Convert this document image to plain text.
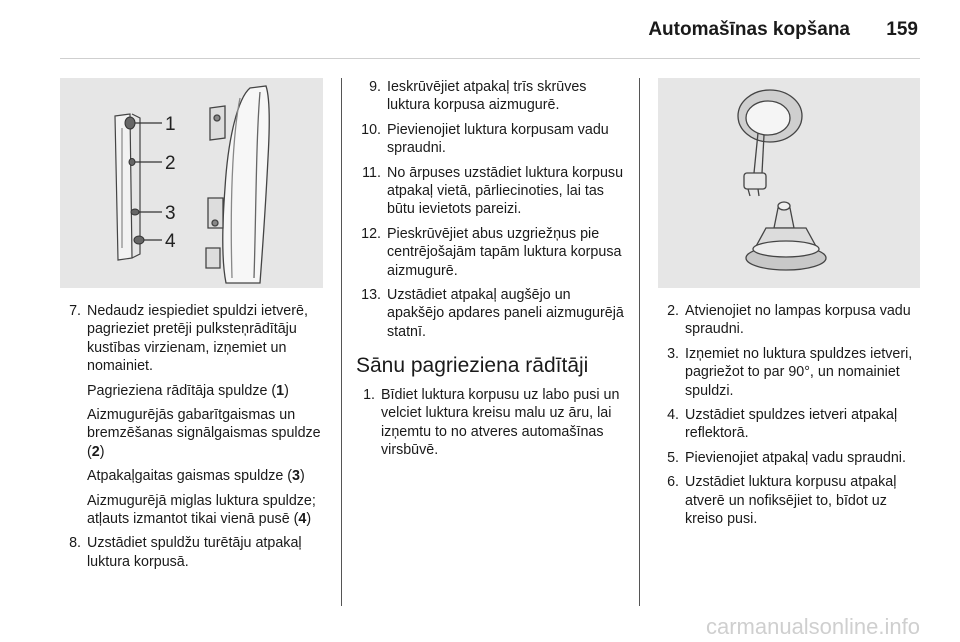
Automašīnas kopšana 159
1
2
3
4
7. Nedaudz iespiediet spuldzi ietverē, pagrieziet pretēji pulksteņrādītāju kustības virzienam, izņemiet un nomainiet.
Pagrieziena rādītāja spuldze (1)
Aizmugurējās gabarītgaismas un bremzēšanas signālgaismas spuldze (2)
Atpakaļgaitas gaismas spuldze (3)
Aizmugurējā miglas luktura spuldze; atļauts izmantot tikai vienā pusē (4)
8. Uzstādiet spuldžu turētāju atpakaļ luktura korpusā.
9. Ieskrūvējiet atpakaļ trīs skrūves luktura korpusa aizmugurē.
10. Pievienojiet luktura korpusam vadu spraudni.
11. No ārpuses uzstādiet luktura korpusu atpakaļ vietā, pārliecinoties, lai tas būtu ievietots pareizi.
12. Pieskrūvējiet abus uzgriežņus pie centrējošajām tapām luktura korpusa aizmugurē.
13. Uzstādiet atpakaļ augšējo un apakšējo apdares paneli aizmugurējā statnī.
Sānu pagrieziena rādītāji
1. Bīdiet luktura korpusu uz labo pusi un velciet luktura kreisu malu uz āru, lai izņemtu to no atveres automašīnas virsbūvē.
2. Atvienojiet no lampas korpusa vadu spraudni.
3. Izņemiet no luktura spuldzes ietveri, pagriežot to par 90°, un nomainiet spuldzi.
4. Uzstādiet spuldzes ietveri atpakaļ reflektorā.
5. Pievienojiet atpakaļ vadu spraudni.
6. Uzstādiet luktura korpusu atpakaļ atverē un nofiksējiet to, bīdot uz kreiso pusi.
carmanualsonline.info
